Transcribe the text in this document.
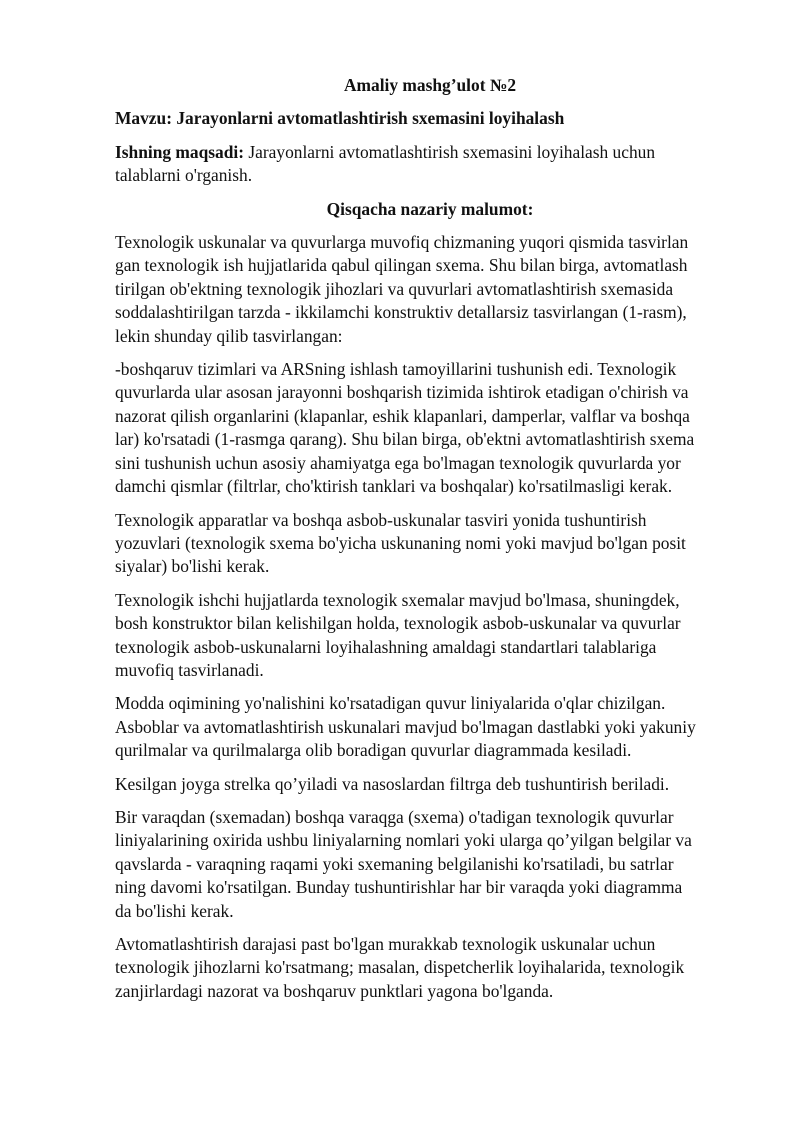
Amaliy mashg’ulot №2
Mavzu: Jarayonlarni avtomatlashtirish sxemasini loyihalash
Ishning maqsadi: Jarayonlarni avtomatlashtirish sxemasini loyihalash uchun
talablarni o'rganish.
Qisqacha nazariy malumot:
Texnologik uskunalar va quvurlarga muvofiq chizmaning yuqori qismida tasvirlan
gan texnologik ish hujjatlarida qabul qilingan sxema. Shu bilan birga, avtomatlash
tirilgan ob'ektning texnologik jihozlari va quvurlari avtomatlashtirish sxemasida
soddalashtirilgan tarzda - ikkilamchi konstruktiv detallarsiz tasvirlangan (1-rasm),
lekin shunday qilib tasvirlangan:
-boshqaruv tizimlari va ARSning ishlash tamoyillarini tushunish edi. Texnologik
quvurlarda ular asosan jarayonni boshqarish tizimida ishtirok etadigan o'chirish va
nazorat qilish organlarini (klapanlar, eshik klapanlari, damperlar, valflar va boshqa
lar) ko'rsatadi (1-rasmga qarang). Shu bilan birga, ob'ektni avtomatlashtirish sxema
sini tushunish uchun asosiy ahamiyatga ega bo'lmagan texnologik quvurlarda yor
damchi qismlar (filtrlar, cho'ktirish tanklari va boshqalar) ko'rsatilmasligi kerak.
Texnologik apparatlar va boshqa asbob-uskunalar tasviri yonida tushuntirish
yozuvlari (texnologik sxema bo'yicha uskunaning nomi yoki mavjud bo'lgan posit
siyalar) bo'lishi kerak.
Texnologik ishchi hujjatlarda texnologik sxemalar mavjud bo'lmasa, shuningdek,
bosh konstruktor bilan kelishilgan holda, texnologik asbob-uskunalar va quvurlar
texnologik asbob-uskunalarni loyihalashning amaldagi standartlari talablariga
muvofiq tasvirlanadi.
Modda oqimining yo'nalishini ko'rsatadigan quvur liniyalarida o'qlar chizilgan.
Asboblar va avtomatlashtirish uskunalari mavjud bo'lmagan dastlabki yoki yakuniy
qurilmalar va qurilmalarga olib boradigan quvurlar diagrammada kesiladi.
Kesilgan joyga strelka qo’yiladi va nasoslardan filtrga deb tushuntirish beriladi.
Bir varaqdan (sxemadan) boshqa varaqga (sxema) o'tadigan texnologik quvurlar
liniyalarining oxirida ushbu liniyalarning nomlari yoki ularga qo’yilgan belgilar va
qavslarda - varaqning raqami yoki sxemaning belgilanishi ko'rsatiladi, bu satrlar
ning davomi ko'rsatilgan. Bunday tushuntirishlar har bir varaqda yoki diagramma
da bo'lishi kerak.
Avtomatlashtirish darajasi past bo'lgan murakkab texnologik uskunalar uchun
texnologik jihozlarni ko'rsatmang; masalan, dispetcherlik loyihalarida, texnologik
zanjirlardagi nazorat va boshqaruv punktlari yagona bo'lganda.
